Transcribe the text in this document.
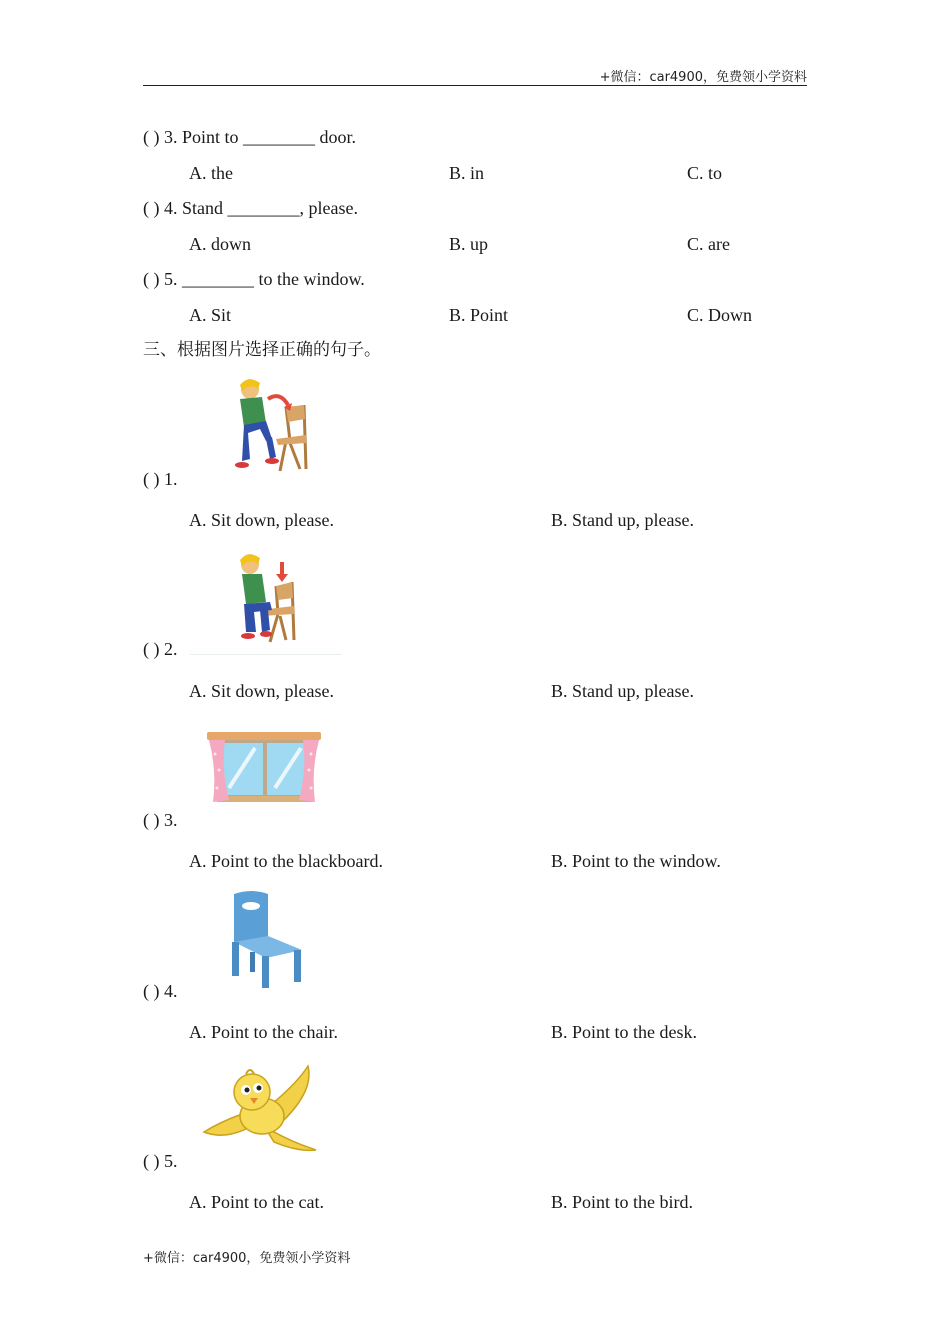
+微信：car4900，免费领小学资料
( ) 3. Point to ________ door.
A. the	B. in	C. to
( ) 4. Stand ________, please.
A. down	B. up	C. are
( ) 5. ________ to the window.
A. Sit	B. Point	C. Down
三、根据图片选择正确的句子。
( ) 1.
A. Sit down, please.	B. Stand up, please.
( ) 2.
A. Sit down, please.	B. Stand up, please.
( ) 3.
A. Point to the blackboard.	B. Point to the window.
( ) 4.
A. Point to the chair.	B. Point to the desk.
( ) 5.
A. Point to the cat.	B. Point to the bird.
+微信：car4900，免费领小学资料
